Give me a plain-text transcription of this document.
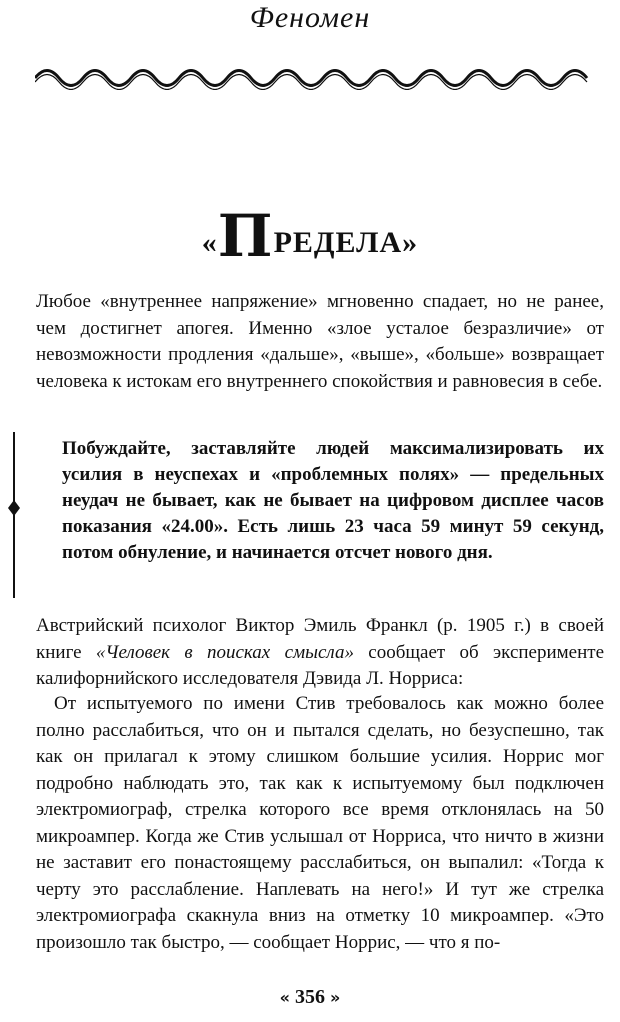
Феномен
«ПРЕДЕЛА»

Любое «внутреннее напряжение» мгновенно спадает, но не ранее, чем достигнет апогея. Именно «злое усталое безразличие» от невозможности продления «дальше», «выше», «больше» возвращает человека к истокам его внутреннего спокойствия и равновесия в себе.

Побуждайте, заставляйте людей максимализировать их усилия в неуспехах и «проблемных полях» — предельных неудач не бывает, как не бывает на цифровом дисплее часов показания «24.00». Есть лишь 23 часа 59 минут 59 секунд, потом обнуление, и начинается отсчет нового дня.

Австрийский психолог Виктор Эмиль Франкл (р. 1905 г.) в своей книге «Человек в поисках смысла» сообщает об эксперименте калифорнийского исследователя Дэвида Л. Норриса:

От испытуемого по имени Стив требовалось как можно более полно расслабиться, что он и пытался сделать, но безуспешно, так как он прилагал к этому слишком большие усилия. Норрис мог подробно наблюдать это, так как к испытуемому был подключен электромиограф, стрелка которого все время отклонялась на 50 микроампер. Когда же Стив услышал от Норриса, что ничто в жизни не заставит его понастоящему расслабиться, он выпалил: «Тогда к черту это расслабление. Наплевать на него!» И тут же стрелка электромиографа скакнула вниз на отметку 10 микроампер. «Это произошло так быстро, — сообщает Норрис, — что я по-

« 356 »
